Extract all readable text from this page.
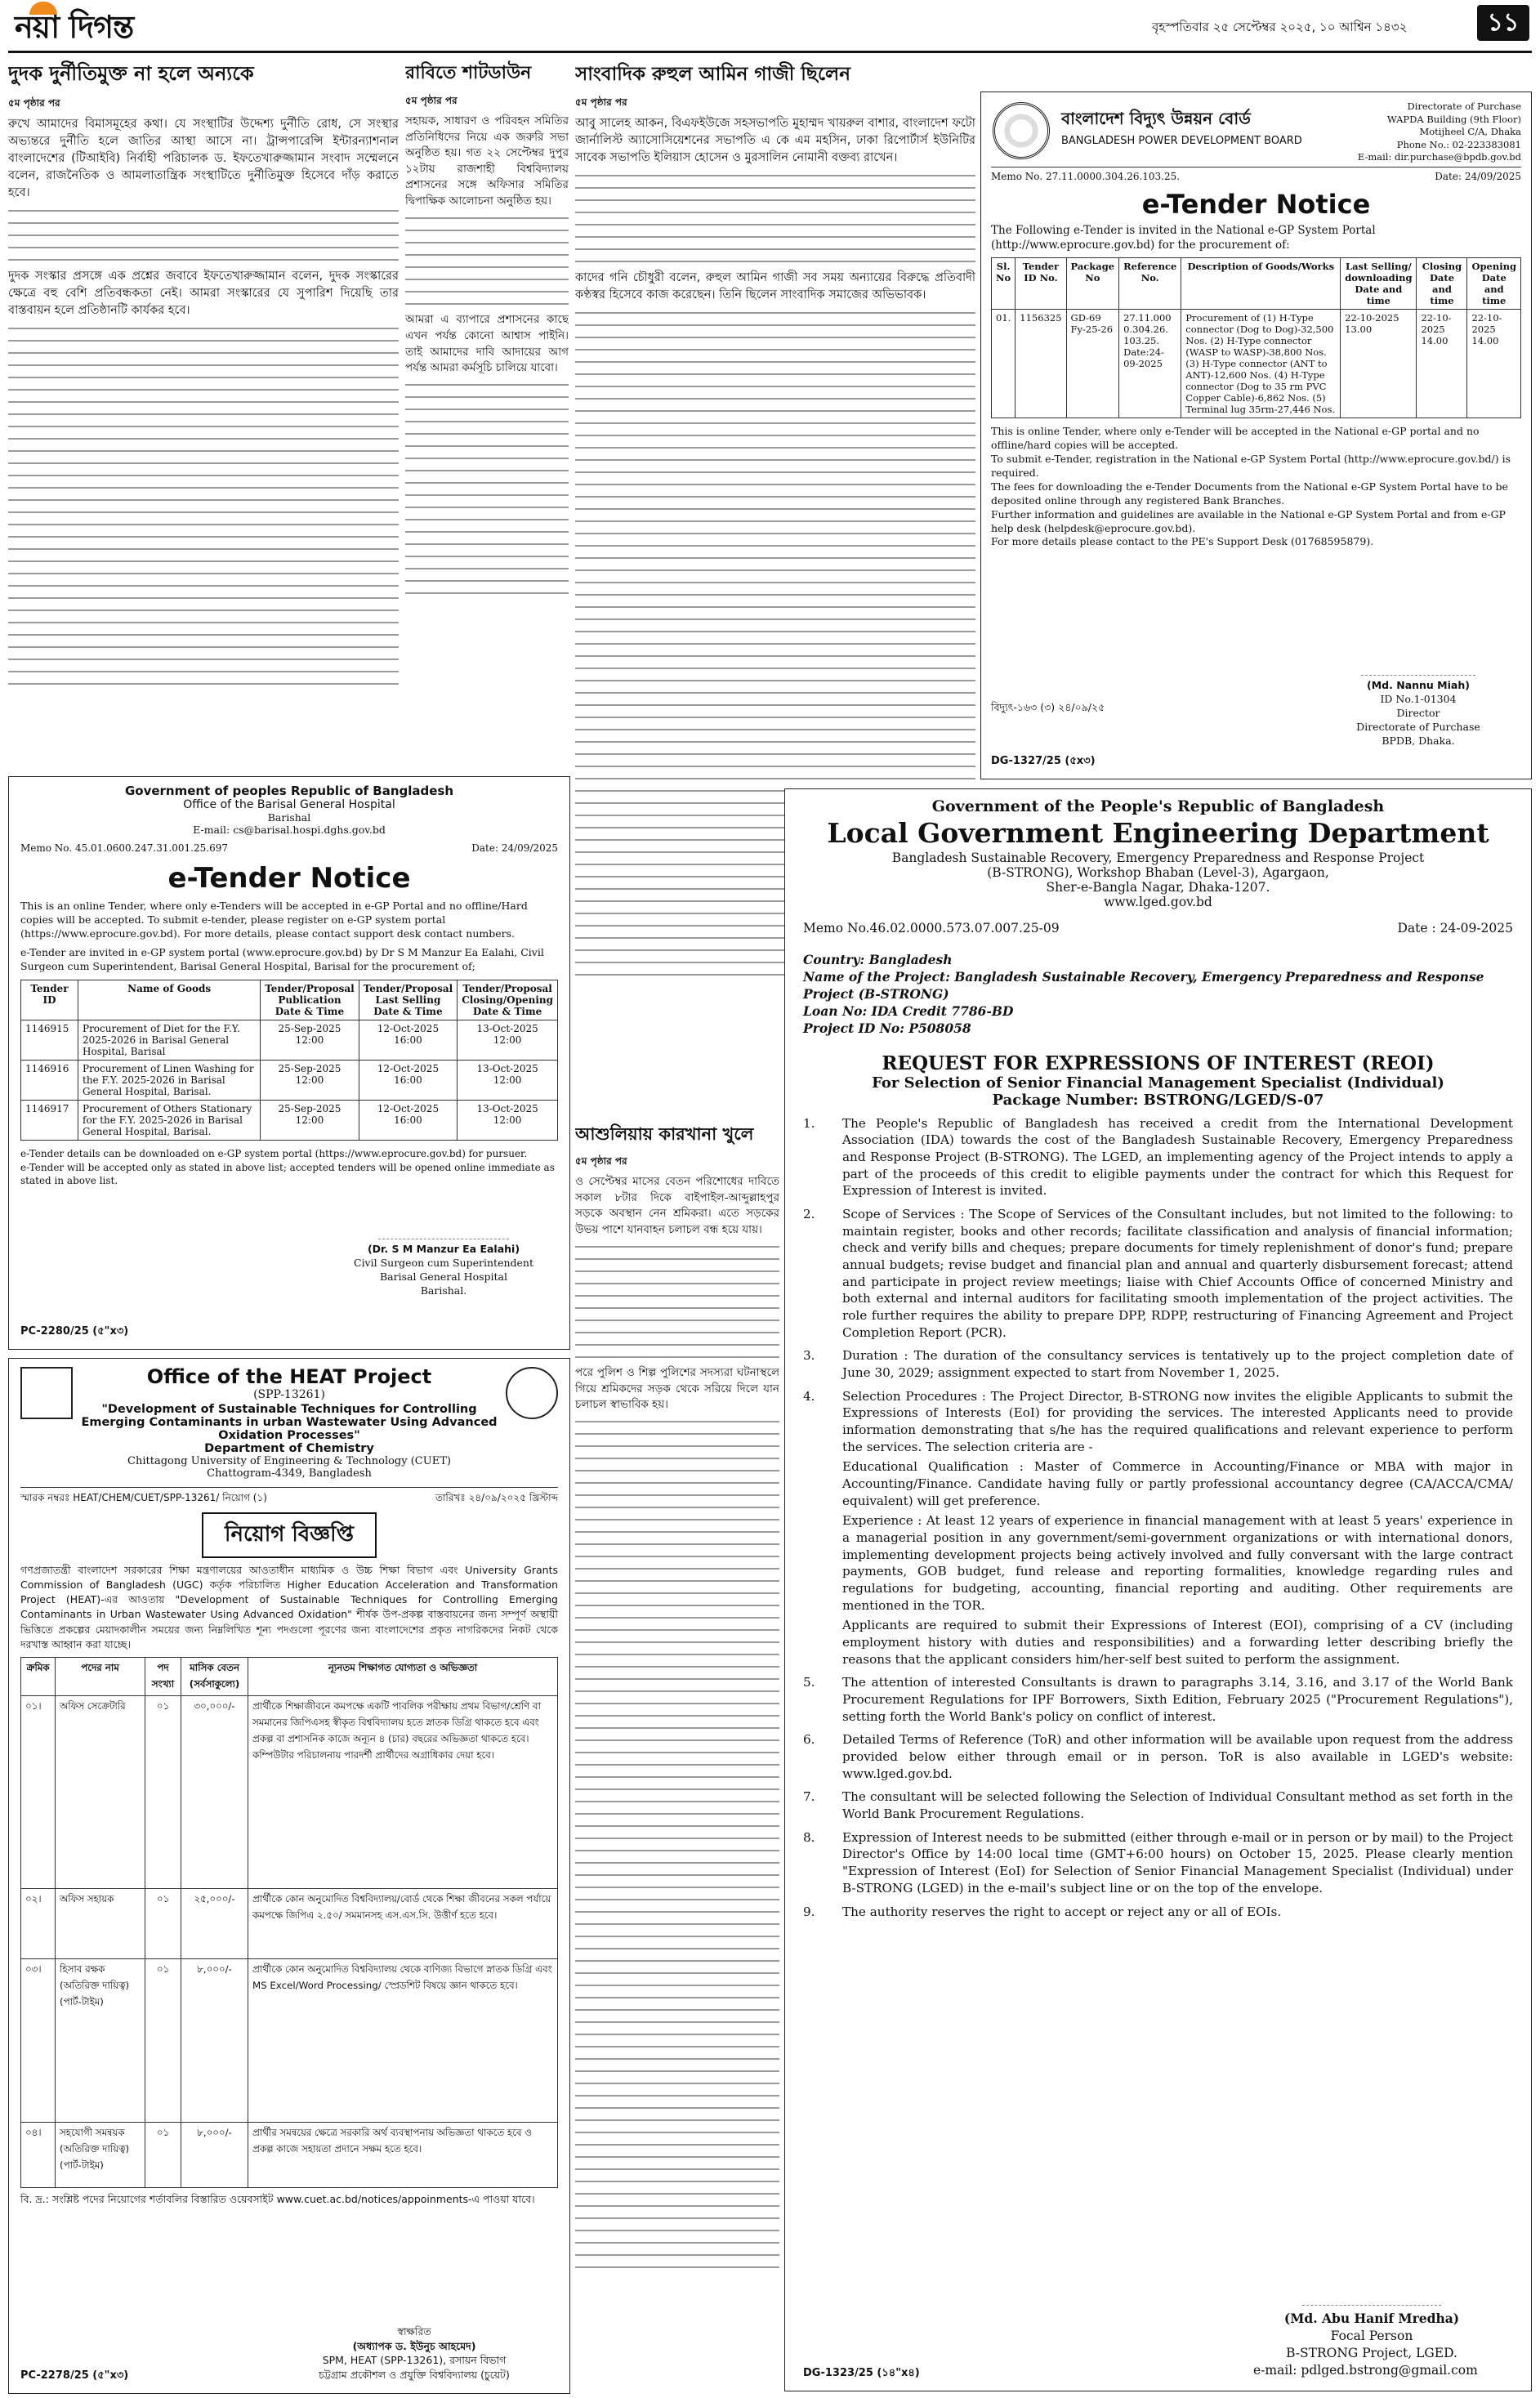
নয়া দিগন্ত	বৃহস্পতিবার ২৫ সেপ্টেম্বর ২০২৫, ১০ আশ্বিন ১৪৩২	১১
দুদক দুর্নীতিমুক্ত না হলে অন্যকে
৫ম পৃষ্ঠার পর
রুখে আমাদের বিমাসমূহের কথা। যে সংস্থাটির উদ্দেশ্য দুর্নীতি রোধ, সে সংস্থার অভ্যন্তরে দুর্নীতি হলে জাতির আস্থা আসে না। ট্রান্সপারেন্সি ইন্টারন্যাশনাল বাংলাদেশের (টিআইবি) নির্বাহী পরিচালক ড. ইফতেখারুজ্জামান সংবাদ সম্মেলনে বলেন, রাজনৈতিক ও আমলাতান্ত্রিক সংস্থাটিতে দুর্নীতিমুক্ত হিসেবে দাঁড় করাতে হবে।
দুদক সংস্কার প্রসঙ্গে এক প্রশ্নের জবাবে ইফতেখারুজ্জামান বলেন, দুদক সংস্কারের ক্ষেত্রে বহু বেশি প্রতিবন্ধকতা নেই। আমরা সংস্কারের যে সুপারিশ দিয়েছি তার বাস্তবায়ন হলে প্রতিষ্ঠানটি কার্যকর হবে।
রাবিতে শাটডাউন
৫ম পৃষ্ঠার পর
সহায়ক, সাধারণ ও পরিবহন সমিতির প্রতিনিধিদের নিয়ে এক জরুরি সভা অনুষ্ঠিত হয়। গত ২২ সেপ্টেম্বর দুপুর ১২টায় রাজশাহী বিশ্ববিদ্যালয় প্রশাসনের সঙ্গে অফিসার সমিতির দ্বিপাক্ষিক আলোচনা অনুষ্ঠিত হয়।
আমরা এ ব্যাপারে প্রশাসনের কাছে এখন পর্যন্ত কোনো আশ্বাস পাইনি। তাই আমাদের দাবি আদায়ের আগ পর্যন্ত আমরা কর্মসূচি চালিয়ে যাবো।
সাংবাদিক রুহুল আমিন গাজী ছিলেন
৫ম পৃষ্ঠার পর
আবু সালেহ আকন, বিএফইউজে সহসভাপতি মুহাম্মদ খায়রুল বাশার, বাংলাদেশ ফটো জার্নালিস্ট অ্যাসোসিয়েশনের সভাপতি এ কে এম মহসিন, ঢাকা রিপোর্টার্স ইউনিটির সাবেক সভাপতি ইলিয়াস হোসেন ও মুরসালিন নোমানী বক্তব্য রাখেন।
কাদের গনি চৌধুরী বলেন, রুহুল আমিন গাজী সব সময় অন্যায়ের বিরুদ্ধে প্রতিবাদী কণ্ঠস্বর হিসেবে কাজ করেছেন। তিনি ছিলেন সাংবাদিক সমাজের অভিভাবক।
বাংলাদেশ বিদ্যুৎ উন্নয়ন বোর্ড
BANGLADESH POWER DEVELOPMENT BOARD
Directorate of Purchase
WAPDA Building (9th Floor)
Motijheel C/A, Dhaka
Phone No.: 02-223383081
E-mail: dir.purchase@bpdb.gov.bd
Memo No. 27.11.0000.304.26.103.25.	Date: 24/09/2025
e-Tender Notice
The Following e-Tender is invited in the National e-GP System Portal (http://www.eprocure.gov.bd) for the procurement of:
Sl. No	Tender ID No.	Package No	Reference No.	Description of Goods/Works	Last Selling/ downloading Date and time	Closing Date and time	Opening Date and time
01.	1156325	GD-69 Fy-25-26	27.11.000 0.304.26. 103.25. Date:24-09-2025	Procurement of (1) H-Type connector (Dog to Dog)-32,500 Nos. (2) H-Type connector (WASP to WASP)-38,800 Nos. (3) H-Type connector (ANT to ANT)-12,600 Nos. (4) H-Type connector (Dog to 35 rm PVC Copper Cable)-6,862 Nos. (5) Terminal lug 35rm-27,446 Nos.	22-10-2025 13.00	22-10-2025 14.00	22-10-2025 14.00
This is online Tender, where only e-Tender will be accepted in the National e-GP portal and no offline/hard copies will be accepted.
To submit e-Tender, registration in the National e-GP System Portal (http://www.eprocure.gov.bd/) is required.
The fees for downloading the e-Tender Documents from the National e-GP System Portal have to be deposited online through any registered Bank Branches.
Further information and guidelines are available in the National e-GP System Portal and from e-GP help desk (helpdesk@eprocure.gov.bd).
For more details please contact to the PE's Support Desk (01768595879).
(Md. Nannu Miah)
ID No.1-01304
Director
Directorate of Purchase
BPDB, Dhaka.
বিদ্যুৎ-১৬৩ (৩) ২৪/০৯/২৫
DG-1327/25 (৫x৩)
Government of peoples Republic of Bangladesh
Office of the Barisal General Hospital
Barishal
E-mail: cs@barisal.hospi.dghs.gov.bd
Memo No. 45.01.0600.247.31.001.25.697	Date: 24/09/2025
e-Tender Notice
This is an online Tender, where only e-Tenders will be accepted in e-GP Portal and no offline/Hard copies will be accepted. To submit e-tender, please register on e-GP system portal (https://www.eprocure.gov.bd). For more details, please contact support desk contact numbers.
e-Tender are invited in e-GP system portal (www.eprocure.gov.bd) by Dr S M Manzur Ea Ealahi, Civil Surgeon cum Superintendent, Barisal General Hospital, Barisal for the procurement of;
Tender ID	Name of Goods	Tender/Proposal Publication Date & Time	Tender/Proposal Last Selling Date & Time	Tender/Proposal Closing/Opening Date & Time
1146915	Procurement of Diet for the F.Y. 2025-2026 in Barisal General Hospital, Barisal	25-Sep-2025 12:00	12-Oct-2025 16:00	13-Oct-2025 12:00
1146916	Procurement of Linen Washing for the F.Y. 2025-2026 in Barisal General Hospital, Barisal.	25-Sep-2025 12:00	12-Oct-2025 16:00	13-Oct-2025 12:00
1146917	Procurement of Others Stationary for the F.Y. 2025-2026 in Barisal General Hospital, Barisal.	25-Sep-2025 12:00	12-Oct-2025 16:00	13-Oct-2025 12:00
e-Tender details can be downloaded on e-GP system portal (https://www.eprocure.gov.bd) for pursuer.
e-Tender will be accepted only as stated in above list; accepted tenders will be opened online immediate as stated in above list.
(Dr. S M Manzur Ea Ealahi)
Civil Surgeon cum Superintendent
Barisal General Hospital
Barishal.
PC-2280/25 (৫"x৩)
Office of the HEAT Project
(SPP-13261)
"Development of Sustainable Techniques for Controlling Emerging Contaminants in urban Wastewater Using Advanced Oxidation Processes"
Department of Chemistry
Chittagong University of Engineering & Technology (CUET)
Chattogram-4349, Bangladesh
স্মারক নম্বরঃ HEAT/CHEM/CUET/SPP-13261/ নিয়োগ (১)	তারিখঃ ২৪/০৯/২০২৫ খ্রিস্টাব্দ
নিয়োগ বিজ্ঞপ্তি
গণপ্রজাতন্ত্রী বাংলাদেশ সরকারের শিক্ষা মন্ত্রণালয়ের আওতাধীন মাধ্যমিক ও উচ্চ শিক্ষা বিভাগ এবং University Grants Commission of Bangladesh (UGC) কর্তৃক পরিচালিত Higher Education Acceleration and Transformation Project (HEAT)-এর আওতায় "Development of Sustainable Techniques for Controlling Emerging Contaminants in Urban Wastewater Using Advanced Oxidation" শীর্ষক উপ-প্রকল্প বাস্তবায়নের জন্য সম্পূর্ণ অস্থায়ী ভিত্তিতে প্রকল্পের মেয়াদকালীন সময়ের জন্য নিম্নলিখিত শূন্য পদগুলো পূরণের জন্য বাংলাদেশের প্রকৃত নাগরিকদের নিকট থেকে দরখাস্ত আহ্বান করা যাচ্ছে।
ক্রমিক	পদের নাম	পদ সংখ্যা	মাসিক বেতন (সর্বসাকুল্যে)	ন্যূনতম শিক্ষাগত যোগ্যতা ও অভিজ্ঞতা
০১।	অফিস সেক্রেটারি	০১	৩০,০০০/-	প্রার্থীকে শিক্ষাজীবনে কমপক্ষে একটি পাবলিক পরীক্ষায় প্রথম বিভাগ/শ্রেণি বা সমমানের জিপিএসহ স্বীকৃত বিশ্ববিদ্যালয় হতে স্নাতক ডিগ্রি থাকতে হবে এবং প্রকল্প বা প্রশাসনিক কাজে অন্যূন ৪ (চার) বছরের অভিজ্ঞতা থাকতে হবে। কম্পিউটার পরিচালনায় পারদর্শী প্রার্থীদের অগ্রাধিকার দেয়া হবে।
০২।	অফিস সহায়ক	০১	২৫,০০০/-	প্রার্থীকে কোন অনুমোদিত বিশ্ববিদ্যালয়/বোর্ড থেকে শিক্ষা জীবনের সকল পর্যায়ে কমপক্ষে জিপিএ ২.৫০/ সমমানসহ এস.এস.সি. উত্তীর্ণ হতে হবে।
০৩।	হিসাব রক্ষক (অতিরিক্ত দায়িত্ব) (পার্ট-টাইম)	০১	৮,০০০/-	প্রার্থীকে কোন অনুমোদিত বিশ্ববিদ্যালয় থেকে বাণিজ্য বিভাগে স্নাতক ডিগ্রি এবং MS Excel/Word Processing/ স্প্রেডশিট বিষয়ে জ্ঞান থাকতে হবে।
০৪।	সহযোগী সমন্বয়ক (অতিরিক্ত দায়িত্ব) (পার্ট-টাইম)	০১	৮,০০০/-	প্রার্থীর সমন্বয়ের ক্ষেত্রে সরকারি অর্থ ব্যবস্থাপনায় অভিজ্ঞতা থাকতে হবে ও প্রকল্প কাজে সহায়তা প্রদানে সক্ষম হতে হবে।
বি. দ্র.: সংশ্লিষ্ট পদের নিয়োগের শর্তাবলির বিস্তারিত ওয়েবসাইট www.cuet.ac.bd/notices/appoinments-এ পাওয়া যাবে।
স্বাক্ষরিত
(অধ্যাপক ড. ইউনুচ আহমেদ)
SPM, HEAT (SPP-13261), রসায়ন বিভাগ
চট্টগ্রাম প্রকৌশল ও প্রযুক্তি বিশ্ববিদ্যালয় (চুয়েট)
PC-2278/25 (৫"x৩)
আশুলিয়ায় কারখানা খুলে
৫ম পৃষ্ঠার পর
ও সেপ্টেম্বর মাসের বেতন পরিশোধের দাবিতে সকাল ৮টার দিকে বাইপাইল-আব্দুল্লাহপুর সড়কে অবস্থান নেন শ্রমিকরা। এতে সড়কের উভয় পাশে যানবাহন চলাচল বন্ধ হয়ে যায়।
পরে পুলিশ ও শিল্প পুলিশের সদস্যরা ঘটনাস্থলে গিয়ে শ্রমিকদের সড়ক থেকে সরিয়ে দিলে যান চলাচল স্বাভাবিক হয়।
Government of the People's Republic of Bangladesh
Local Government Engineering Department
Bangladesh Sustainable Recovery, Emergency Preparedness and Response Project
(B-STRONG), Workshop Bhaban (Level-3), Agargaon,
Sher-e-Bangla Nagar, Dhaka-1207.
www.lged.gov.bd
Memo No.46.02.0000.573.07.007.25-09	Date : 24-09-2025
Country: Bangladesh
Name of the Project: Bangladesh Sustainable Recovery, Emergency Preparedness and Response
Project (B-STRONG)
Loan No: IDA Credit 7786-BD
Project ID No: P508058
REQUEST FOR EXPRESSIONS OF INTEREST (REOI)
For Selection of Senior Financial Management Specialist (Individual)
Package Number: BSTRONG/LGED/S-07
1.	The People's Republic of Bangladesh has received a credit from the International Development Association (IDA) towards the cost of the Bangladesh Sustainable Recovery, Emergency Preparedness and Response Project (B-STRONG). The LGED, an implementing agency of the Project intends to apply a part of the proceeds of this credit to eligible payments under the contract for which this Request for Expression of Interest is invited.
2.	Scope of Services : The Scope of Services of the Consultant includes, but not limited to the following: to maintain register, books and other records; facilitate classification and analysis of financial information; check and verify bills and cheques; prepare documents for timely replenishment of donor's fund; prepare annual budgets; revise budget and financial plan and annual and quarterly disbursement forecast; attend and participate in project review meetings; liaise with Chief Accounts Office of concerned Ministry and both external and internal auditors for facilitating smooth implementation of the project activities. The role further requires the ability to prepare DPP, RDPP, restructuring of Financing Agreement and Project Completion Report (PCR).
3.	Duration : The duration of the consultancy services is tentatively up to the project completion date of June 30, 2029; assignment expected to start from November 1, 2025.
4.	Selection Procedures : The Project Director, B-STRONG now invites the eligible Applicants to submit the Expressions of Interests (EoI) for providing the services. The interested Applicants need to provide information demonstrating that s/he has the required qualifications and relevant experience to perform the services. The selection criteria are -
Educational Qualification : Master of Commerce in Accounting/Finance or MBA with major in Accounting/Finance. Candidate having fully or partly professional accountancy degree (CA/ACCA/CMA/ equivalent) will get preference.
Experience : At least 12 years of experience in financial management with at least 5 years' experience in a managerial position in any government/semi-government organizations or with international donors, implementing development projects being actively involved and fully conversant with the large contract payments, GOB budget, fund release and reporting formalities, knowledge regarding rules and regulations for budgeting, accounting, financial reporting and auditing. Other requirements are mentioned in the TOR.
Applicants are required to submit their Expressions of Interest (EOI), comprising of a CV (including employment history with duties and responsibilities) and a forwarding letter describing briefly the reasons that the applicant considers him/her-self best suited to perform the assignment.
5.	The attention of interested Consultants is drawn to paragraphs 3.14, 3.16, and 3.17 of the World Bank Procurement Regulations for IPF Borrowers, Sixth Edition, February 2025 ("Procurement Regulations"), setting forth the World Bank's policy on conflict of interest.
6.	Detailed Terms of Reference (ToR) and other information will be available upon request from the address provided below either through email or in person. ToR is also available in LGED's website: www.lged.gov.bd.
7.	The consultant will be selected following the Selection of Individual Consultant method as set forth in the World Bank Procurement Regulations.
8.	Expression of Interest needs to be submitted (either through e-mail or in person or by mail) to the Project Director's Office by 14:00 local time (GMT+6:00 hours) on October 15, 2025. Please clearly mention "Expression of Interest (EoI) for Selection of Senior Financial Management Specialist (Individual) under B-STRONG (LGED) in the e-mail's subject line or on the top of the envelope.
9.	The authority reserves the right to accept or reject any or all of EOIs.
(Md. Abu Hanif Mredha)
Focal Person
B-STRONG Project, LGED.
e-mail: pdlged.bstrong@gmail.com
DG-1323/25 (১৪"x৪)
